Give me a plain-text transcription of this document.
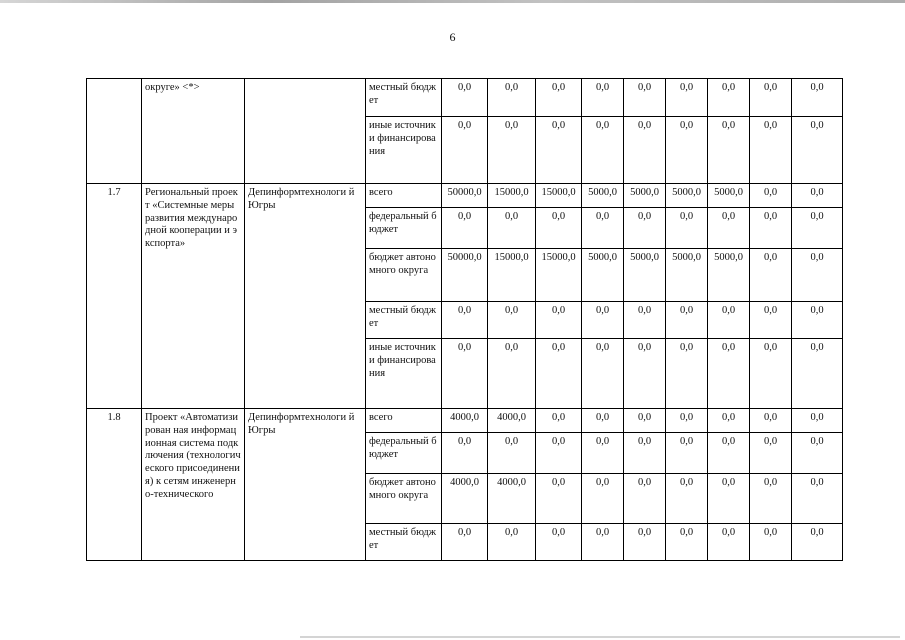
6
	округе» <*>		местный бюджет	0,0	0,0	0,0	0,0	0,0	0,0	0,0	0,0	0,0
			иные источники финансирова ния	0,0	0,0	0,0	0,0	0,0	0,0	0,0	0,0	0,0
1.7	Региональный проект «Системные меры развития международной кооперации и экспорта»	Депинформтехнологи й Югры	всего	50000,0	15000,0	15000,0	5000,0	5000,0	5000,0	5000,0	0,0	0,0
			федеральный бюджет	0,0	0,0	0,0	0,0	0,0	0,0	0,0	0,0	0,0
			бюджет автономного округа	50000,0	15000,0	15000,0	5000,0	5000,0	5000,0	5000,0	0,0	0,0
			местный бюджет	0,0	0,0	0,0	0,0	0,0	0,0	0,0	0,0	0,0
			иные источники финансирова ния	0,0	0,0	0,0	0,0	0,0	0,0	0,0	0,0	0,0
1.8	Проект «Автоматизирован ная информационная система подключения (технологического присоединения) к сетям инженерно-технического	Депинформтехнологи й Югры	всего	4000,0	4000,0	0,0	0,0	0,0	0,0	0,0	0,0	0,0
			федеральный бюджет	0,0	0,0	0,0	0,0	0,0	0,0	0,0	0,0	0,0
			бюджет автономного округа	4000,0	4000,0	0,0	0,0	0,0	0,0	0,0	0,0	0,0
			местный бюджет	0,0	0,0	0,0	0,0	0,0	0,0	0,0	0,0	0,0
